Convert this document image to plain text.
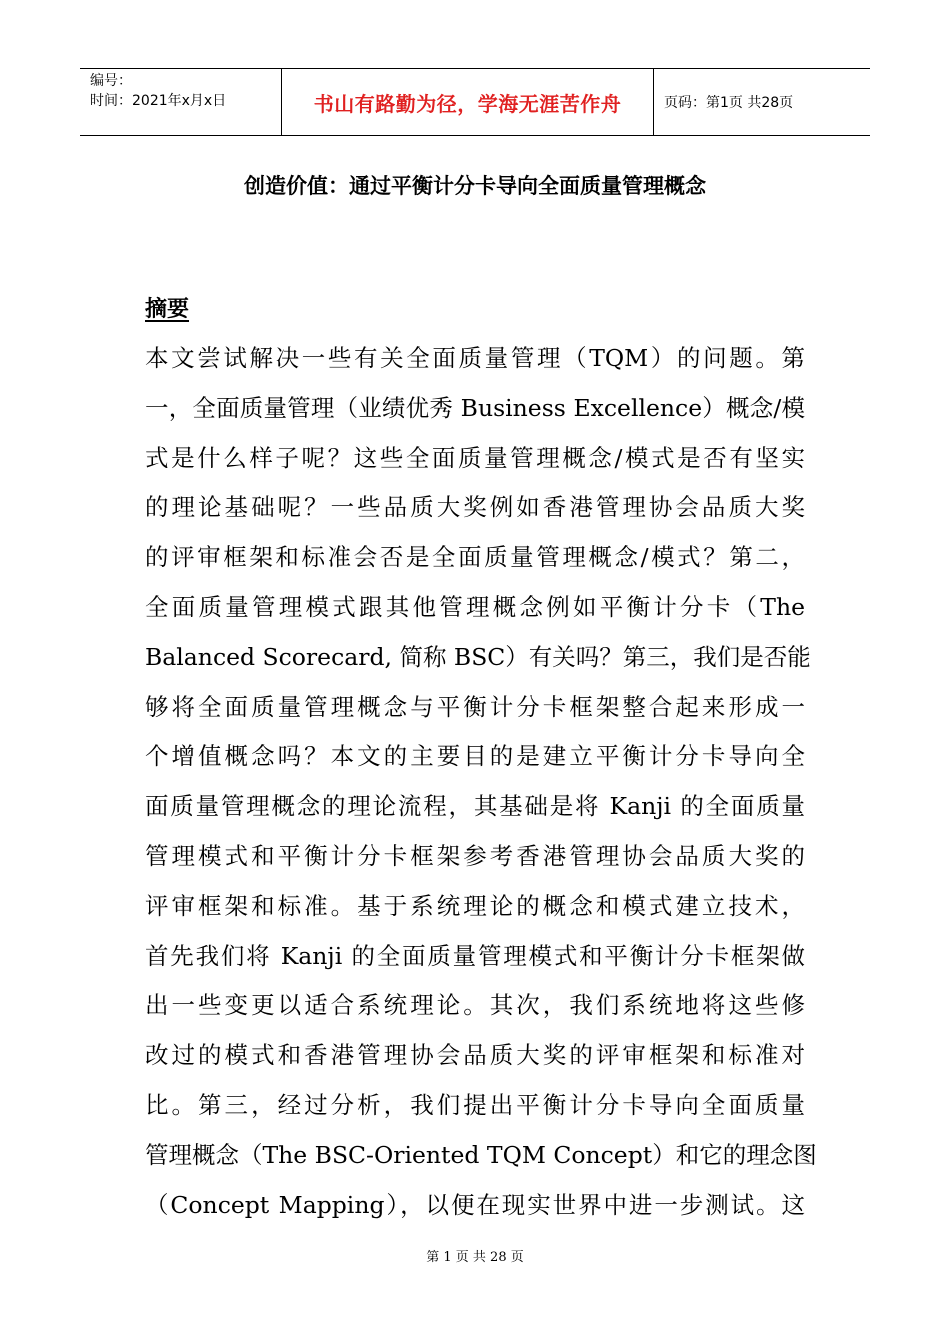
编号：
时间：2021年x月x日	书山有路勤为径，学海无涯苦作舟	页码：第1页 共28页
创造价值：通过平衡计分卡导向全面质量管理概念
摘要
本文尝试解决一些有关全面质量管理（TQM）的问题。第
一，全面质量管理（业绩优秀 Business Excellence）概念/模
式是什么样子呢？这些全面质量管理概念/模式是否有坚实
的理论基础呢？一些品质大奖例如香港管理协会品质大奖
的评审框架和标准会否是全面质量管理概念/模式？第二，
全面质量管理模式跟其他管理概念例如平衡计分卡（The
Balanced Scorecard, 简称 BSC）有关吗？第三，我们是否能
够将全面质量管理概念与平衡计分卡框架整合起来形成一
个增值概念吗？本文的主要目的是建立平衡计分卡导向全
面质量管理概念的理论流程，其基础是将 Kanji 的全面质量
管理模式和平衡计分卡框架参考香港管理协会品质大奖的
评审框架和标准。基于系统理论的概念和模式建立技术，
首先我们将 Kanji 的全面质量管理模式和平衡计分卡框架做
出一些变更以适合系统理论。其次，我们系统地将这些修
改过的模式和香港管理协会品质大奖的评审框架和标准对
比。第三，经过分析，我们提出平衡计分卡导向全面质量
管理概念（The BSC-Oriented TQM Concept）和它的理念图
（Concept Mapping），以便在现实世界中进一步测试。这
第 1 页 共 28 页
